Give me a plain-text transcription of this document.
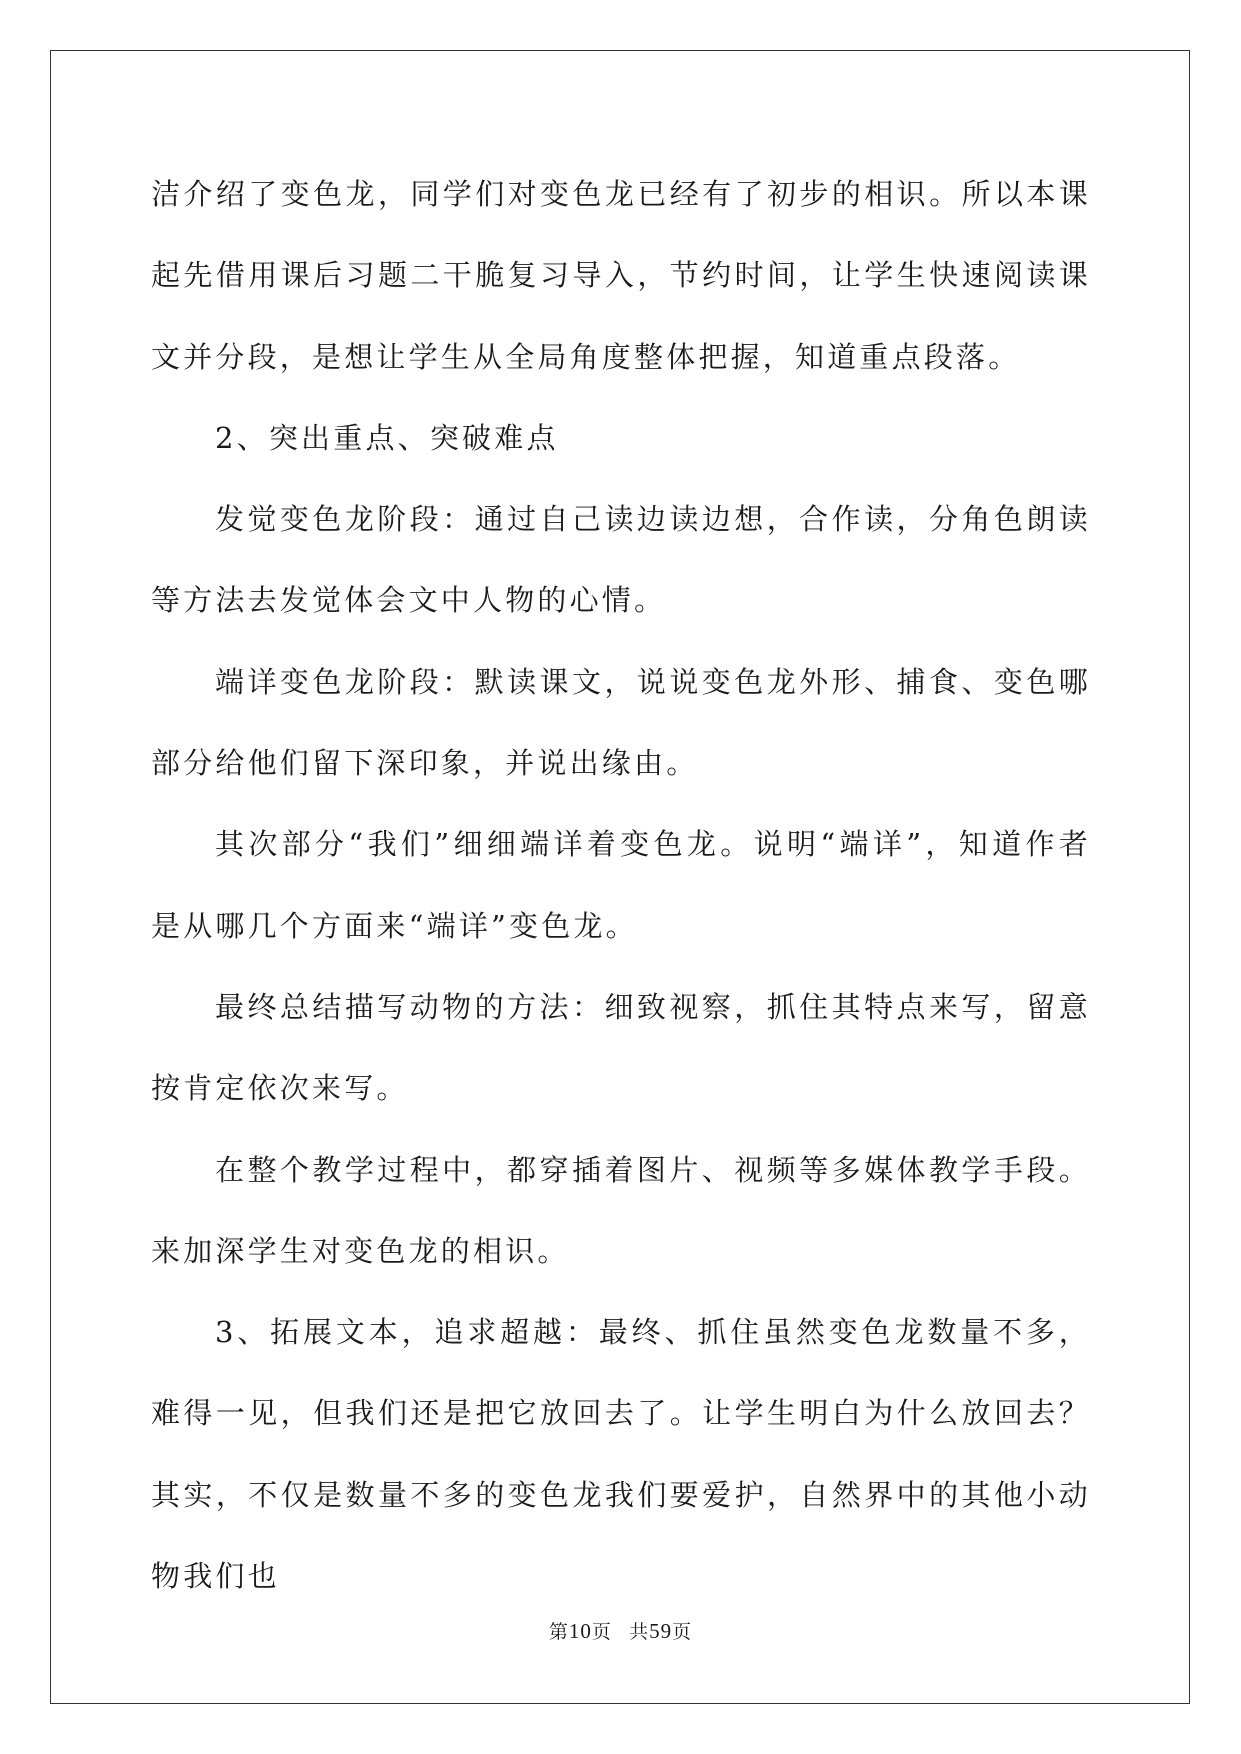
洁介绍了变色龙，同学们对变色龙已经有了初步的相识。所以本课起先借用课后习题二干脆复习导入，节约时间，让学生快速阅读课文并分段，是想让学生从全局角度整体把握，知道重点段落。

2、突出重点、突破难点

发觉变色龙阶段：通过自己读边读边想，合作读，分角色朗读等方法去发觉体会文中人物的心情。

端详变色龙阶段：默读课文，说说变色龙外形、捕食、变色哪部分给他们留下深印象，并说出缘由。

其次部分“我们”细细端详着变色龙。说明“端详”，知道作者是从哪几个方面来“端详”变色龙。

最终总结描写动物的方法：细致视察，抓住其特点来写，留意按肯定依次来写。

在整个教学过程中，都穿插着图片、视频等多媒体教学手段。来加深学生对变色龙的相识。

3、拓展文本，追求超越：最终、抓住虽然变色龙数量不多，难得一见，但我们还是把它放回去了。让学生明白为什么放回去？其实，不仅是数量不多的变色龙我们要爱护，自然界中的其他小动物我们也

第10页 共59页
